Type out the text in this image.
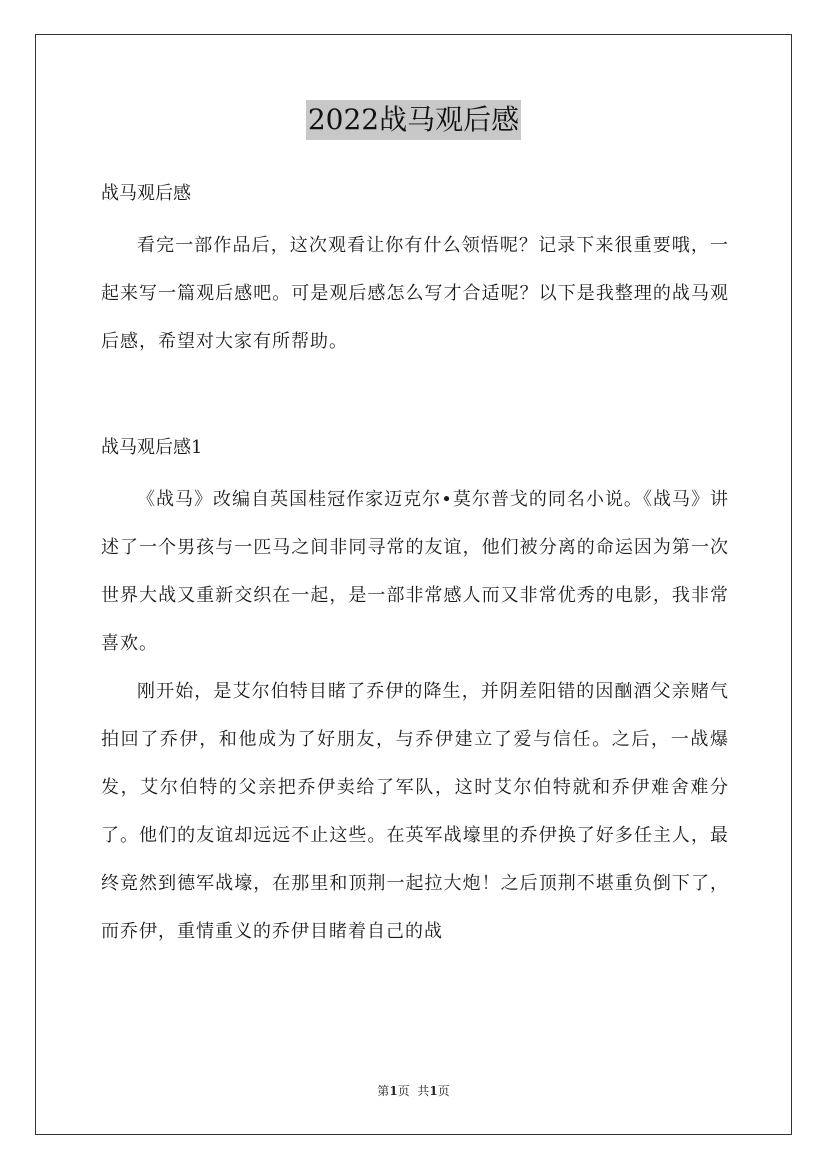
2022战马观后感

战马观后感

看完一部作品后，这次观看让你有什么领悟呢？记录下来很重要哦，一起来写一篇观后感吧。可是观后感怎么写才合适呢？以下是我整理的战马观后感，希望对大家有所帮助。

战马观后感1

《战马》改编自英国桂冠作家迈克尔•莫尔普戈的同名小说。《战马》讲述了一个男孩与一匹马之间非同寻常的友谊，他们被分离的命运因为第一次世界大战又重新交织在一起，是一部非常感人而又非常优秀的电影，我非常喜欢。

刚开始，是艾尔伯特目睹了乔伊的降生，并阴差阳错的因酗酒父亲赌气拍回了乔伊，和他成为了好朋友，与乔伊建立了爱与信任。之后，一战爆发，艾尔伯特的父亲把乔伊卖给了军队，这时艾尔伯特就和乔伊难舍难分了。他们的友谊却远远不止这些。在英军战壕里的乔伊换了好多任主人，最终竟然到德军战壕，在那里和顶荆一起拉大炮！之后顶荆不堪重负倒下了，而乔伊，重情重义的乔伊目睹着自己的战

第1页  共1页
